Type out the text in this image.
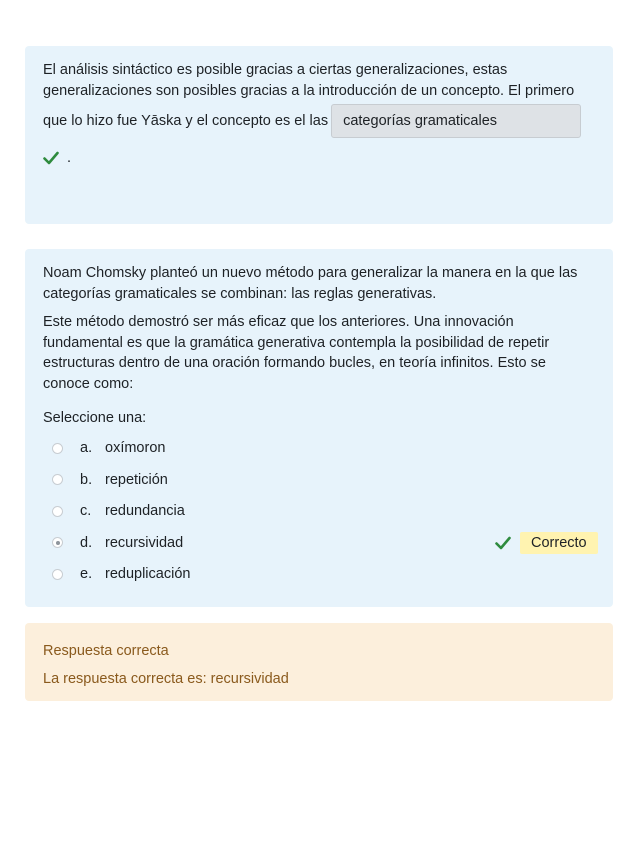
El análisis sintáctico es posible gracias a ciertas generalizaciones, estas

generalizaciones son posibles gracias a la introducción de un concepto. El primero

que lo hizo fue Yāska y el concepto es el las	categorías gramaticales

.

Noam Chomsky planteó un nuevo método para generalizar la manera en la que las

categorías gramaticales se combinan: las reglas generativas.

Este método demostró ser más eficaz que los anteriores. Una innovación

fundamental es que la gramática generativa contempla la posibilidad de repetir

estructuras dentro de una oración formando bucles, en teoría infinitos. Esto se

conoce como:

Seleccione una:

a. oxímoron
b. repetición
c. redundancia
d. recursividad	Correcto
e. reduplicación

Respuesta correcta

La respuesta correcta es: recursividad
